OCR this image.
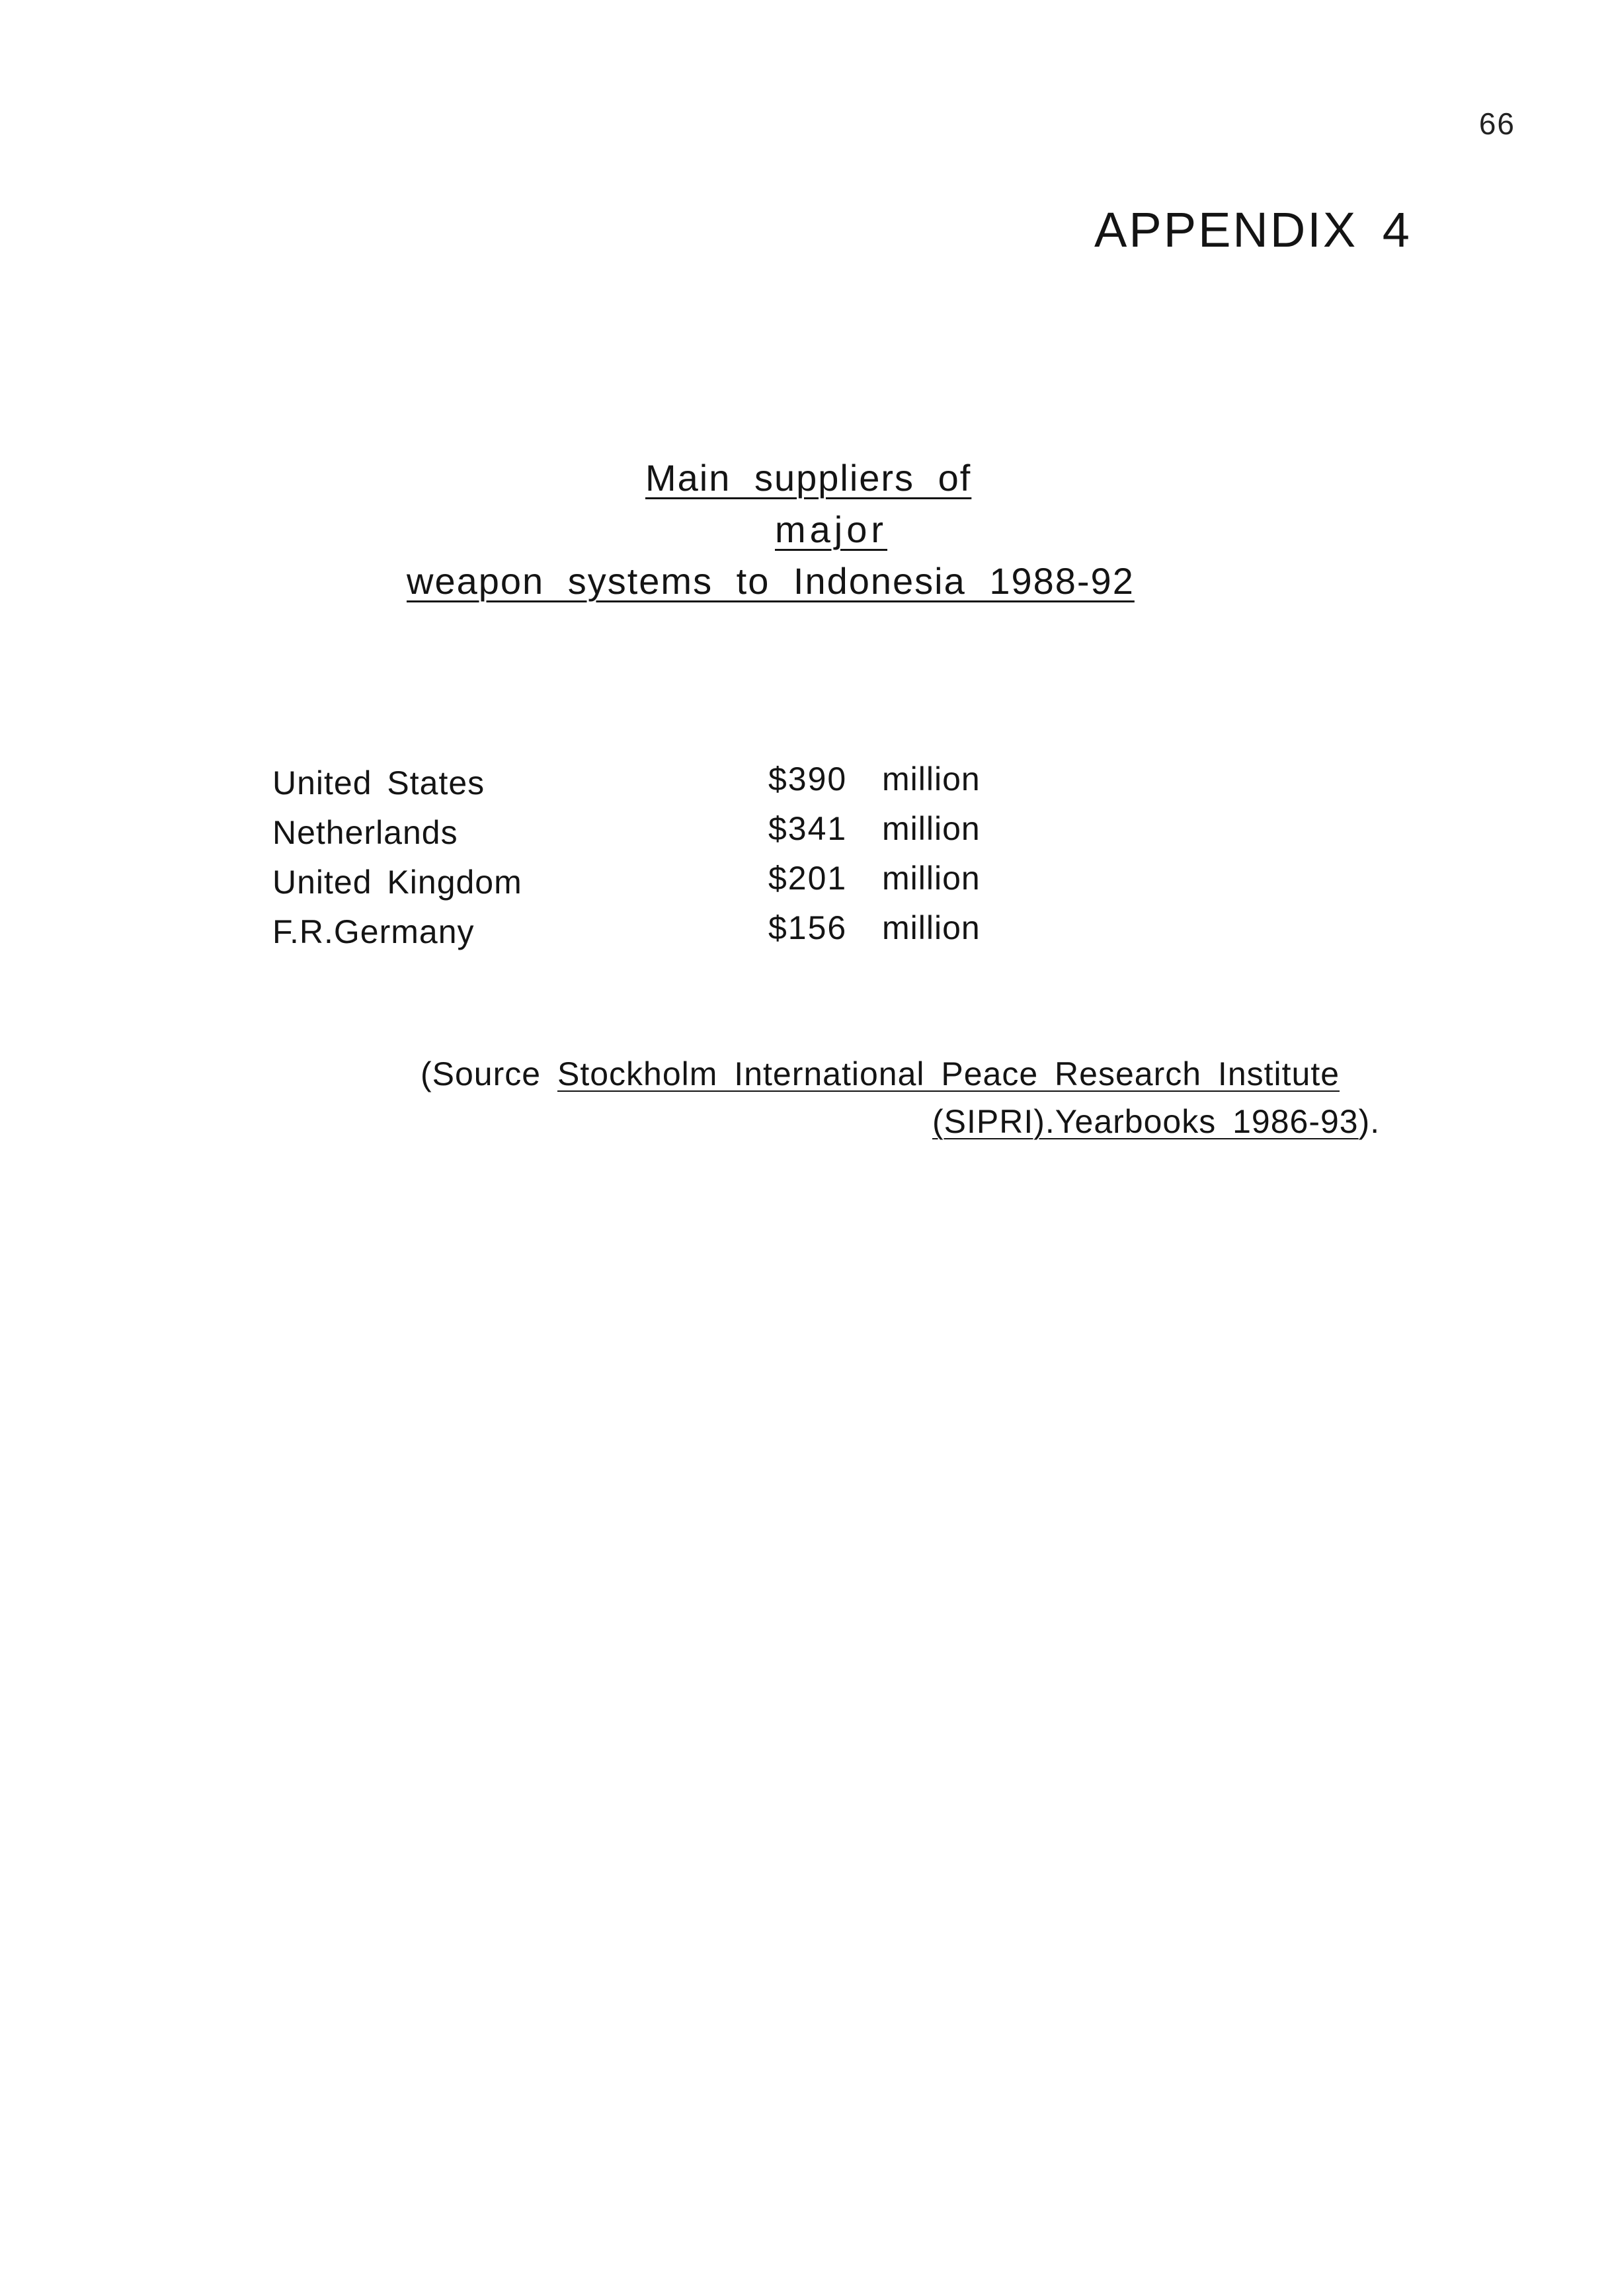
66
APPENDIX 4
Main suppliers of
major
weapon systems to Indonesia 1988-92
United States	$390 million
Netherlands	$341 million
United Kingdom	$201 million
F.R.Germany	$156 million
(Source Stockholm International Peace Research Institute
(SIPRI).Yearbooks 1986-93).
